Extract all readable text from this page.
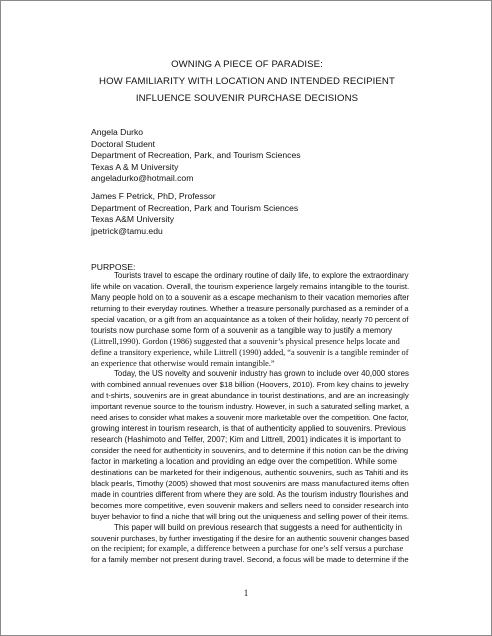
OWNING A PIECE OF PARADISE:
HOW FAMILIARITY WITH LOCATION AND INTENDED RECIPIENT
INFLUENCE SOUVENIR PURCHASE DECISIONS
Angela Durko
Doctoral Student
Department of Recreation, Park, and Tourism Sciences
Texas A & M University
angeladurko@hotmail.com
James F Petrick, PhD, Professor
Department of Recreation, Park and Tourism Sciences
Texas A&M University
jpetrick@tamu.edu
PURPOSE:
Tourists travel to escape the ordinary routine of daily life, to explore the extraordinary
life while on vacation. Overall, the tourism experience largely remains intangible to the tourist.
Many people hold on to a souvenir as a escape mechanism to their vacation memories after
returning to their everyday routines. Whether a treasure personally purchased as a reminder of a
special vacation, or a gift from an acquaintance as a token of their holiday, nearly 70 percent of
tourists now purchase some form of a souvenir as a tangible way to justify a memory
(Littrell,1990). Gordon (1986) suggested that a souvenir’s physical presence helps locate and
define a transitory experience, while Littrell (1990) added, “a souvenir is a tangible reminder of
an experience that otherwise would remain intangible.”
Today, the US novelty and souvenir industry has grown to include over 40,000 stores
with combined annual revenues over $18 billion (Hoovers, 2010). From key chains to jewelry
and t-shirts, souvenirs are in great abundance in tourist destinations, and are an increasingly
important revenue source to the tourism industry. However, in such a saturated selling market, a
need arises to consider what makes a souvenir more marketable over the competition. One factor,
growing interest in tourism research, is that of authenticity applied to souvenirs. Previous
research (Hashimoto and Telfer, 2007; Kim and Littrell, 2001) indicates it is important to
consider the need for authenticity in souvenirs, and to determine if this notion can be the driving
factor in marketing a location and providing an edge over the competition. While some
destinations can be marketed for their indigenous, authentic souvenirs, such as Tahiti and its
black pearls, Timothy (2005) showed that most souvenirs are mass manufactured items often
made in countries different from where they are sold. As the tourism industry flourishes and
becomes more competitive, even souvenir makers and sellers need to consider research into
buyer behavior to find a niche that will bring out the uniqueness and selling power of their items.
This paper will build on previous research that suggests a need for authenticity in
souvenir purchases, by further investigating if the desire for an authentic souvenir changes based
on the recipient; for example, a difference between a purchase for one’s self versus a purchase
for a family member not present during travel. Second, a focus will be made to determine if the
1
